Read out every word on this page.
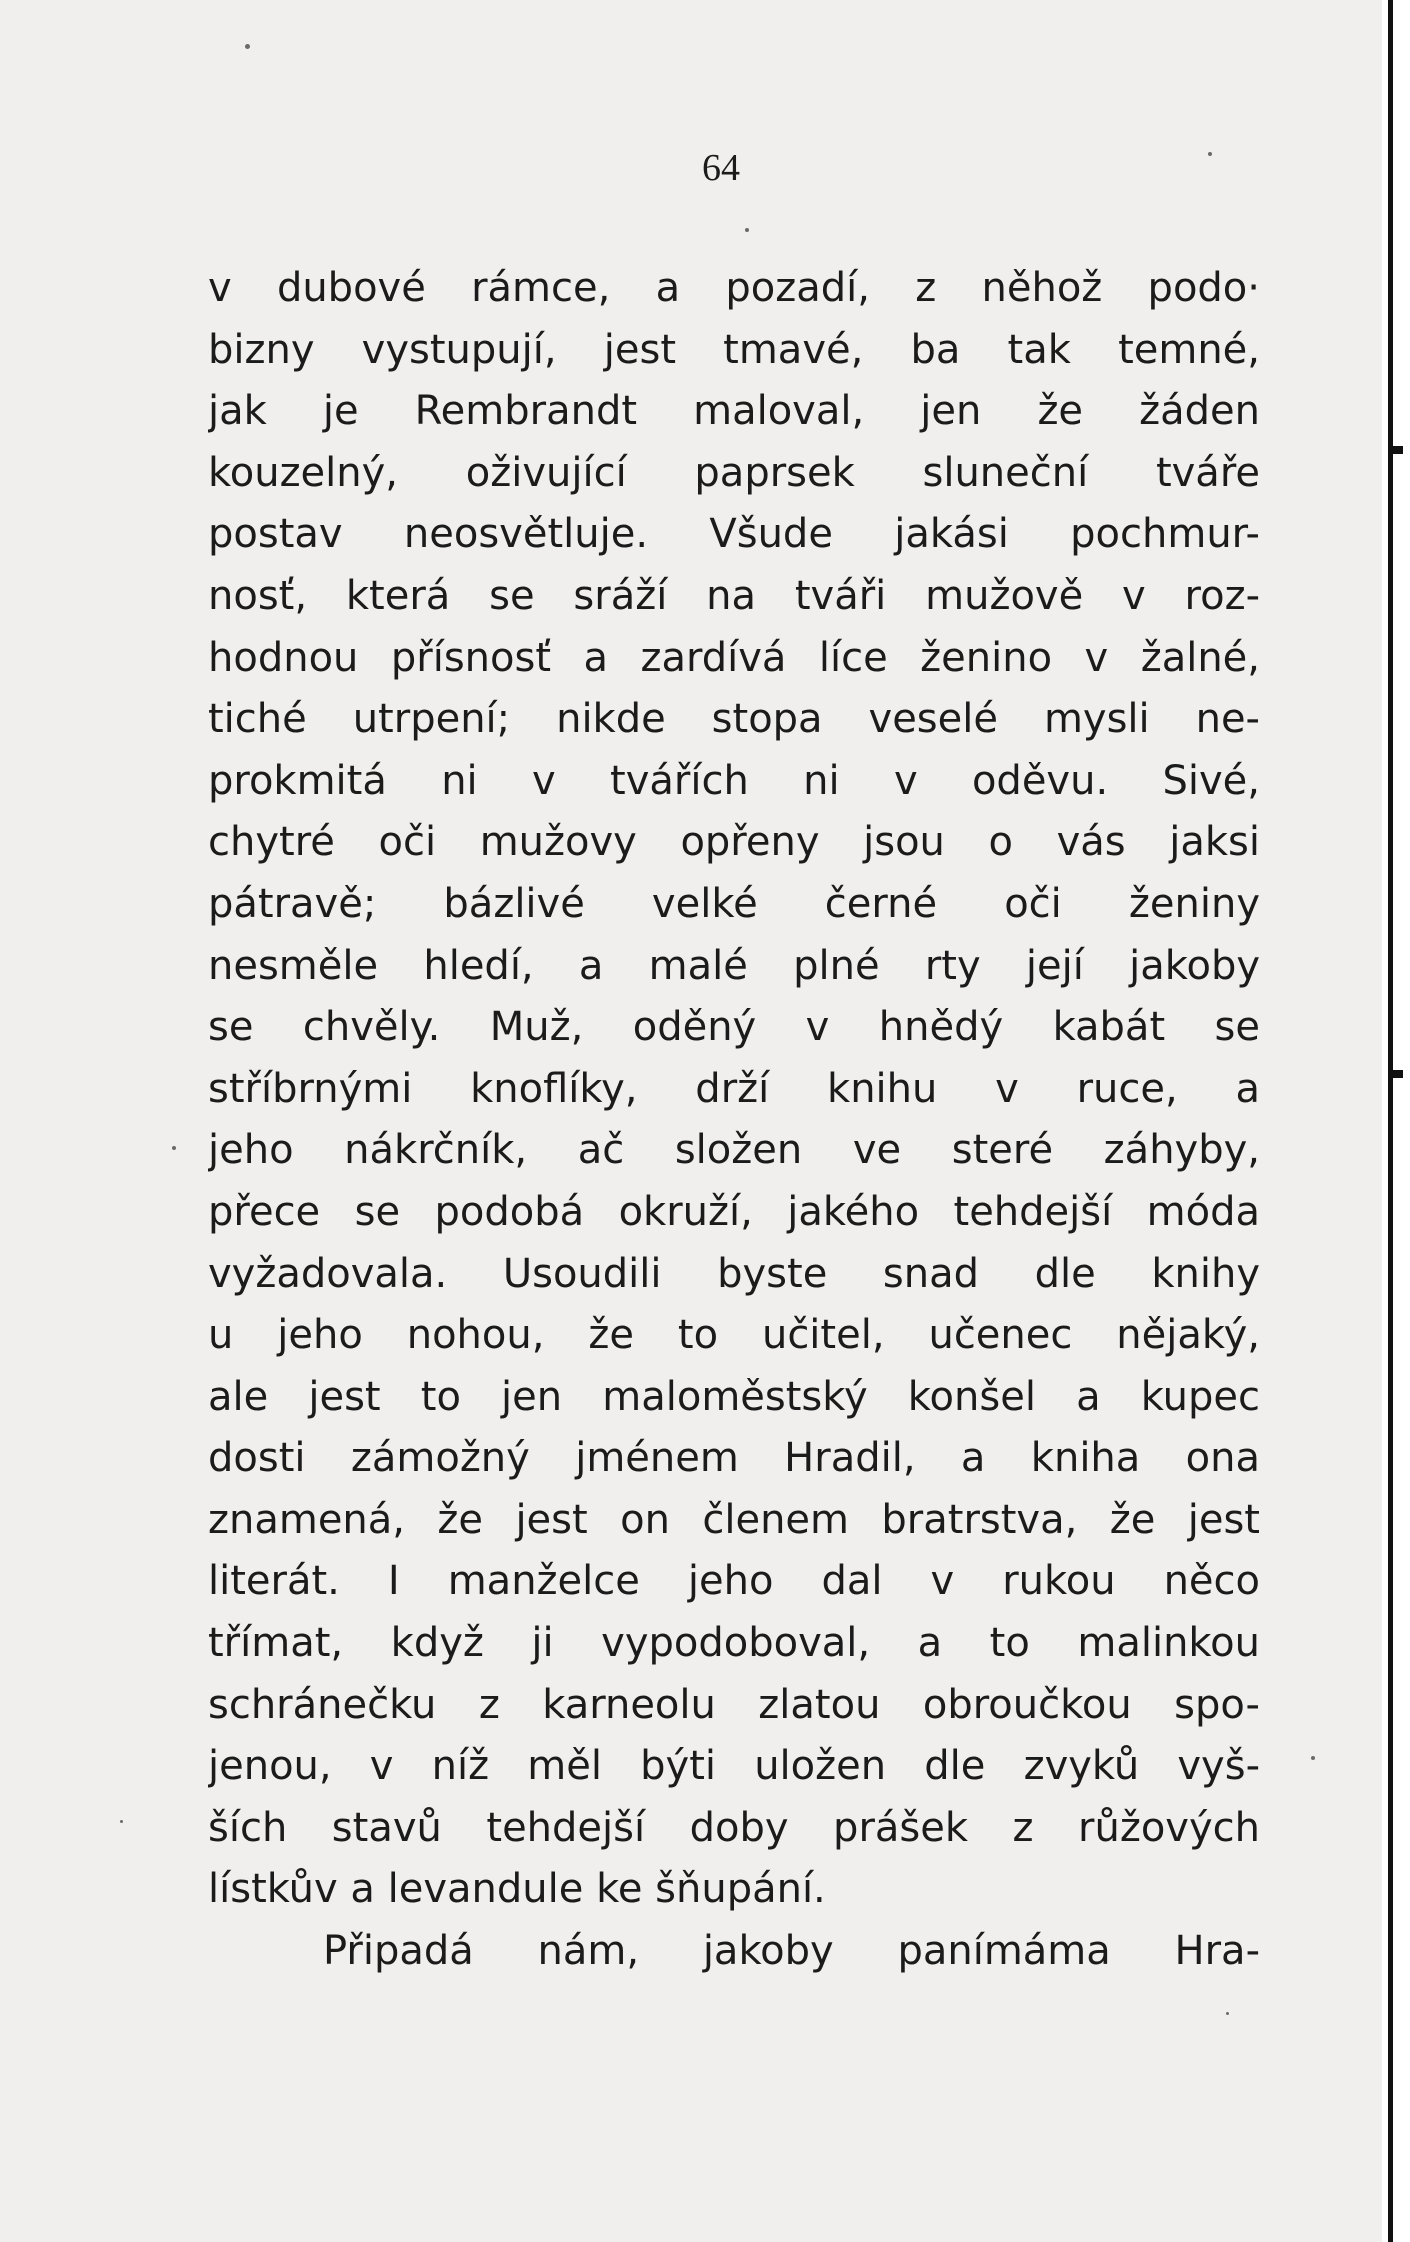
64
v dubové rámce, a pozadí, z něhož podo·
bizny vystupují, jest tmavé, ba tak temné,
jak je Rembrandt maloval, jen že žáden
kouzelný, oživující paprsek sluneční tváře
postav neosvětluje. Všude jakási pochmur-
nosť, která se sráží na tváři mužově v roz-
hodnou přísnosť a zardívá líce ženino v žalné,
tiché utrpení; nikde stopa veselé mysli ne-
prokmitá ni v tvářích ni v oděvu. Sivé,
chytré oči mužovy opřeny jsou o vás jaksi
pátravě; bázlivé velké černé oči ženiny
nesměle hledí, a malé plné rty její jakoby
se chvěly. Muž, oděný v hnědý kabát se
stříbrnými knoflíky, drží knihu v ruce, a
jeho nákrčník, ač složen ve steré záhyby,
přece se podobá okruží, jakého tehdejší móda
vyžadovala. Usoudili byste snad dle knihy
u jeho nohou, že to učitel, učenec nějaký,
ale jest to jen maloměstský konšel a kupec
dosti zámožný jménem Hradil, a kniha ona
znamená, že jest on členem bratrstva, že jest
literát. I manželce jeho dal v rukou něco
třímat, když ji vypodoboval, a to malinkou
schránečku z karneolu zlatou obroučkou spo-
jenou, v níž měl býti uložen dle zvyků vyš-
ších stavů tehdejší doby prášek z růžových
lístkův a levandule ke šňupání.
Připadá nám, jakoby panímáma Hra-
